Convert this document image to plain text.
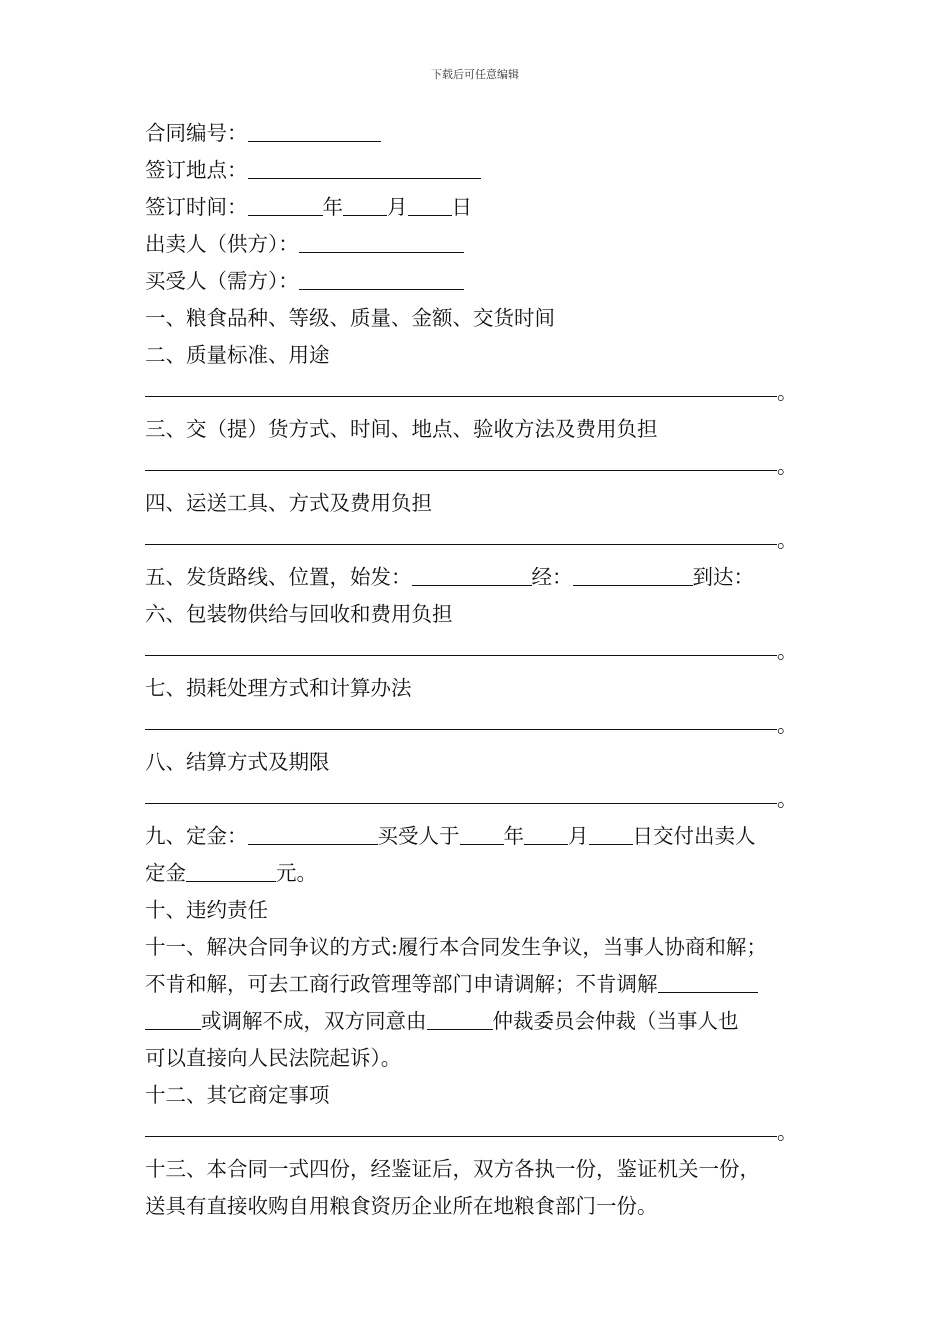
下载后可任意编辑
合同编号：
签订地点：
签订时间：	年 月 日
出卖人（供方）：
买受人（需方）：
一、粮食品种、等级、质量、金额、交货时间
二、质量标准、用途
。
三、交（提）货方式、时间、地点、验收方法及费用负担
。
四、运送工具、方式及费用负担
。
五、发货路线、位置，始发：	经：	到达：
六、包装物供给与回收和费用负担
。
七、损耗处理方式和计算办法
。
八、结算方式及期限
。
九、定金：	买受人于 年 月 日交付出卖人
定金	元。
十、违约责任
十一、解决合同争议的方式:履行本合同发生争议，当事人协商和解；
不肯和解，可去工商行政管理等部门申请调解；不肯调解
或调解不成，双方同意由	仲裁委员会仲裁（当事人也
可以直接向人民法院起诉）。
十二、其它商定事项
。
十三、本合同一式四份，经鉴证后，双方各执一份，鉴证机关一份，
送具有直接收购自用粮食资历企业所在地粮食部门一份。
